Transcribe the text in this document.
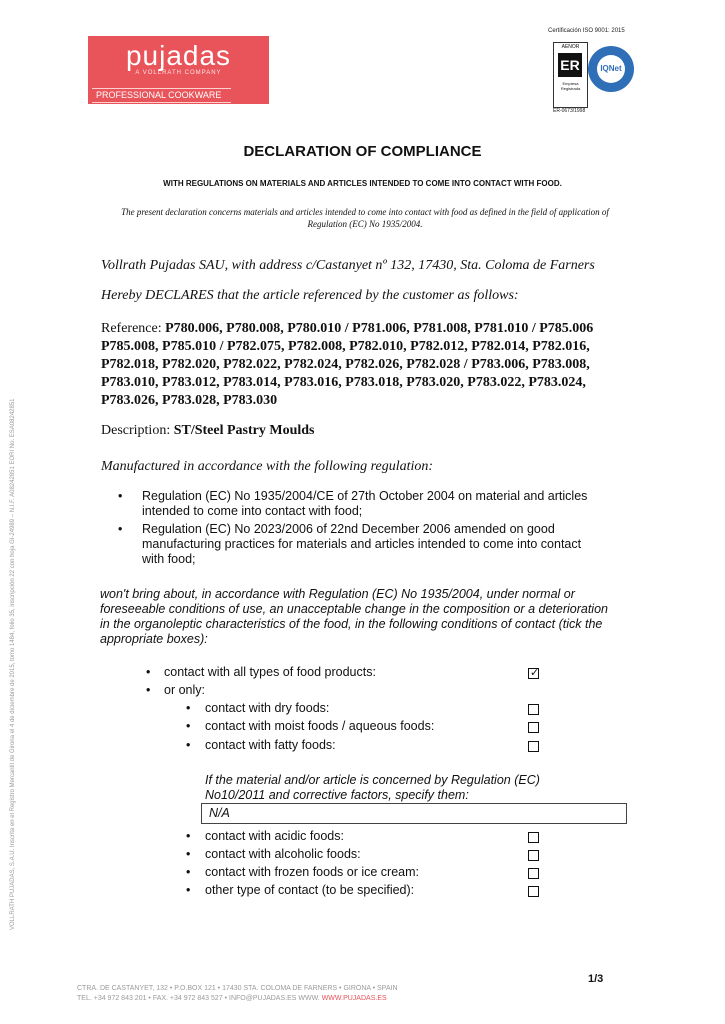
pujadas
A VOLLRATH COMPANY
PROFESSIONAL COOKWARE
Certificación ISO 9001: 2015
AENOR
ER
Empresa Registrada
ER-0673/1998
IQNet
VOLLRATH PUJADAS, S.A.U. Inscrita en el Registro Mercantil de Girona el 4 de diciembre de 2015, tomo 1484, folio 35, inscripción 22 con hoja GI-24989 – N.I.F. A08242851 EORI No. ESA08242851
DECLARATION OF COMPLIANCE
WITH REGULATIONS ON MATERIALS AND ARTICLES INTENDED TO COME INTO CONTACT WITH FOOD.
The present declaration concerns materials and articles intended to come into contact with food as defined in the field of application of Regulation (EC) No 1935/2004.
Vollrath Pujadas SAU, with address c/Castanyet nº 132, 17430, Sta. Coloma de Farners
Hereby DECLARES that the article referenced by the customer as follows:
Reference: P780.006, P780.008, P780.010 / P781.006, P781.008, P781.010 / P785.006 P785.008, P785.010 / P782.075, P782.008, P782.010, P782.012, P782.014, P782.016, P782.018, P782.020, P782.022, P782.024, P782.026, P782.028 / P783.006, P783.008, P783.010, P783.012, P783.014, P783.016, P783.018, P783.020, P783.022, P783.024, P783.026, P783.028, P783.030
Description: ST/Steel Pastry Moulds
Manufactured in accordance with the following regulation:
• Regulation (EC) No 1935/2004/CE of 27th October 2004 on material and articles intended to come into contact with food;
• Regulation (EC) No 2023/2006 of 22nd December 2006 amended on good manufacturing practices for materials and articles intended to come into contact with food;
won't bring about, in accordance with Regulation (EC) No 1935/2004, under normal or foreseeable conditions of use, an unacceptable change in the composition or a deterioration in the organoleptic characteristics of the food, in the following conditions of contact (tick the appropriate boxes):
• contact with all types of food products:	✓
• or only:
• contact with dry foods:
• contact with moist foods / aqueous foods:
• contact with fatty foods:
If the material and/or article is concerned by Regulation (EC) No10/2011 and corrective factors, specify them:
N/A
• contact with acidic foods:
• contact with alcoholic foods:
• contact with frozen foods or ice cream:
• other type of contact (to be specified):
CTRA. DE CASTANYET, 132 • P.O.BOX 121 • 17430 STA. COLOMA DE FARNERS • GIRONA • SPAIN
TEL. +34 972 843 201 • FAX. +34 972 843 527 • INFO@PUJADAS.ES WWW. WWW.PUJADAS.ES
1/3
